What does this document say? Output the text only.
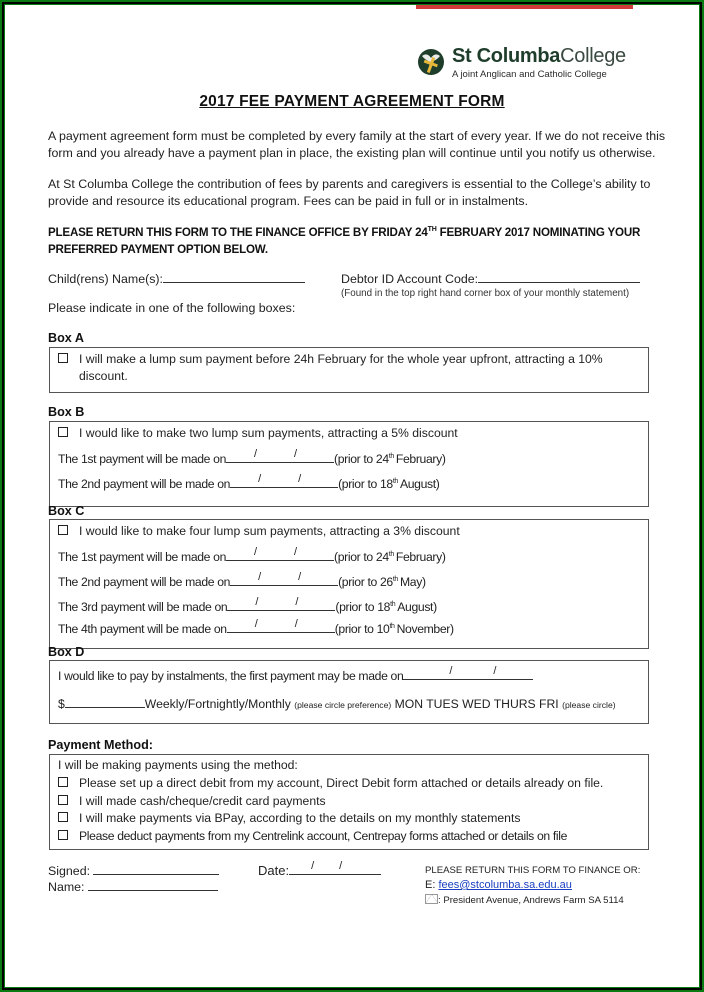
St ColumbaCollege
A joint Anglican and Catholic College
2017 FEE PAYMENT AGREEMENT FORM
A payment agreement form must be completed by every family at the start of every year. If we do not receive this form and you already have a payment plan in place, the existing plan will continue until you notify us otherwise.
At St Columba College the contribution of fees by parents and caregivers is essential to the College’s ability to provide and resource its educational program. Fees can be paid in full or in instalments.
PLEASE RETURN THIS FORM TO THE FINANCE OFFICE BY FRIDAY 24TH FEBRUARY 2017 NOMINATING YOUR PREFERRED PAYMENT OPTION BELOW.
Child(rens) Name(s):	Debtor ID Account Code:
(Found in the top right hand corner box of your monthly statement)
Please indicate in one of the following boxes:
Box A
I will make a lump sum payment before 24h February for the whole year upfront, attracting a 10%
discount.
Box B
I would like to make two lump sum payments, attracting a 5% discount
The 1st payment will be made on	/	/	(prior to 24th February)
The 2nd payment will be made on	/	/	(prior to 18th August)
Box C
I would like to make four lump sum payments, attracting a 3% discount
The 1st payment will be made on	/	/	(prior to 24th February)
The 2nd payment will be made on	/	/	(prior to 26th May)
The 3rd payment will be made on	/	/	(prior to 18th August)
The 4th payment will be made on	/	/	(prior to 10th November)
Box D
I would like to pay by instalments, the first payment may be made on	/	/
$	Weekly/Fortnightly/Monthly (please circle preference) MON TUES WED THURS FRI (please circle)
Payment Method:
I will be making payments using the method:
Please set up a direct debit from my account, Direct Debit form attached or details already on file.
I will made cash/cheque/credit card payments
I will make payments via BPay, according to the details on my monthly statements
Please deduct payments from my Centrelink account, Centrepay forms attached or details on file
Signed:
Name:
Date: / /	PLEASE RETURN THIS FORM TO FINANCE OR:
E: fees@stcolumba.sa.edu.au
: President Avenue, Andrews Farm SA 5114
